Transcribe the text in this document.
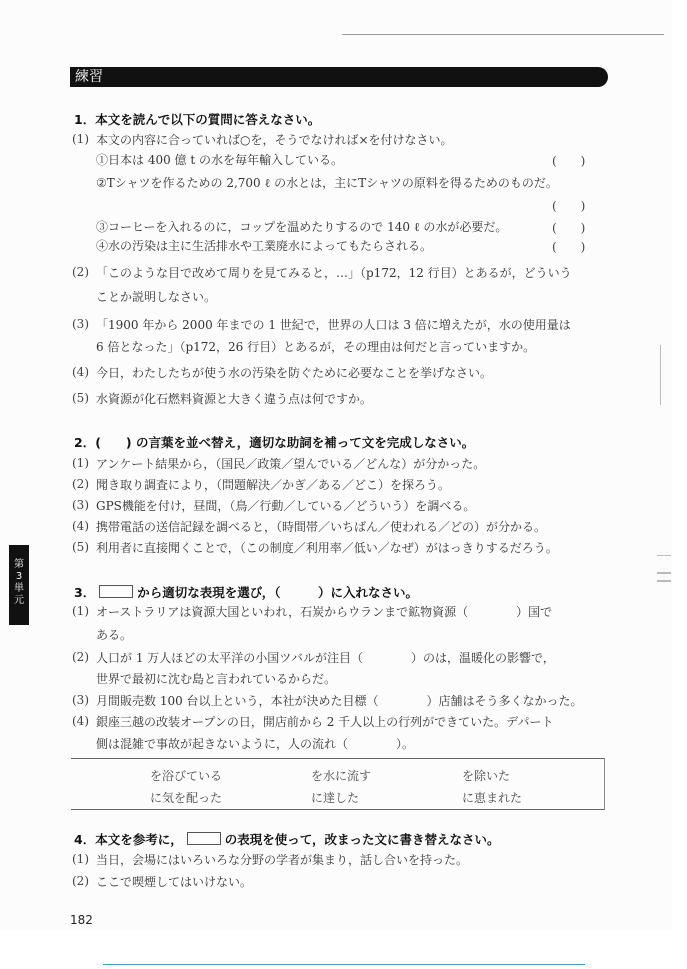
練習
1．本文を読んで以下の質問に答えなさい。
(1) 本文の内容に合っていれば○を，そうでなければ×を付けなさい。
①日本は 400 億 t の水を毎年輸入している。	(　　)
②Tシャツを作るための 2,700 ℓ の水とは，主にTシャツの原料を得るためのものだ。
(　　)
③コーヒーを入れるのに，コップを温めたりするので 140 ℓ の水が必要だ。	(　　)
④水の汚染は主に生活排水や工業廃水によってもたらされる。	(　　)
(2) 「このような目で改めて周りを見てみると，…」（p172，12 行目）とあるが，どういう
ことか説明しなさい。
(3) 「1900 年から 2000 年までの 1 世紀で，世界の人口は 3 倍に増えたが，水の使用量は
6 倍となった」（p172，26 行目）とあるが，その理由は何だと言っていますか。
(4) 今日，わたしたちが使う水の汚染を防ぐために必要なことを挙げなさい。
(5) 水資源が化石燃料資源と大きく違う点は何ですか。
2．(　　) の言葉を並べ替え，適切な助詞を補って文を完成しなさい。
(1) アンケート結果から，（国民／政策／望んでいる／どんな）が分かった。
(2) 聞き取り調査により，（問題解決／かぎ／ある／どこ）を探ろう。
(3) GPS機能を付け，昼間，（鳥／行動／している／どういう）を調べる。
(4) 携帯電話の送信記録を調べると，（時間帯／いちばん／使われる／どの）が分かる。
(5) 利用者に直接聞くことで，（この制度／利用率／低い／なぜ）がはっきりするだろう。
3．	から適切な表現を選び，（　　　）に入れなさい。
(1) オーストラリアは資源大国といわれ，石炭からウランまで鉱物資源（　　　　）国で
ある。
(2) 人口が 1 万人ほどの太平洋の小国ツバルが注目（　　　　）のは，温暖化の影響で，
世界で最初に沈む島と言われているからだ。
(3) 月間販売数 100 台以上という，本社が決めた目標（　　　　）店舗はそう多くなかった。
(4) 銀座三越の改装オープンの日，開店前から 2 千人以上の行列ができていた。デパート
側は混雑で事故が起きないように，人の流れ（　　　　）。
を浴びている	を水に流す	を除いた
に気を配った	に達した	に恵まれた
4．本文を参考に，	の表現を使って，改まった文に書き替えなさい。
(1) 当日，会場にはいろいろな分野の学者が集まり，話し合いを持った。
(2) ここで喫煙してはいけない。
182
第
3
単
元
